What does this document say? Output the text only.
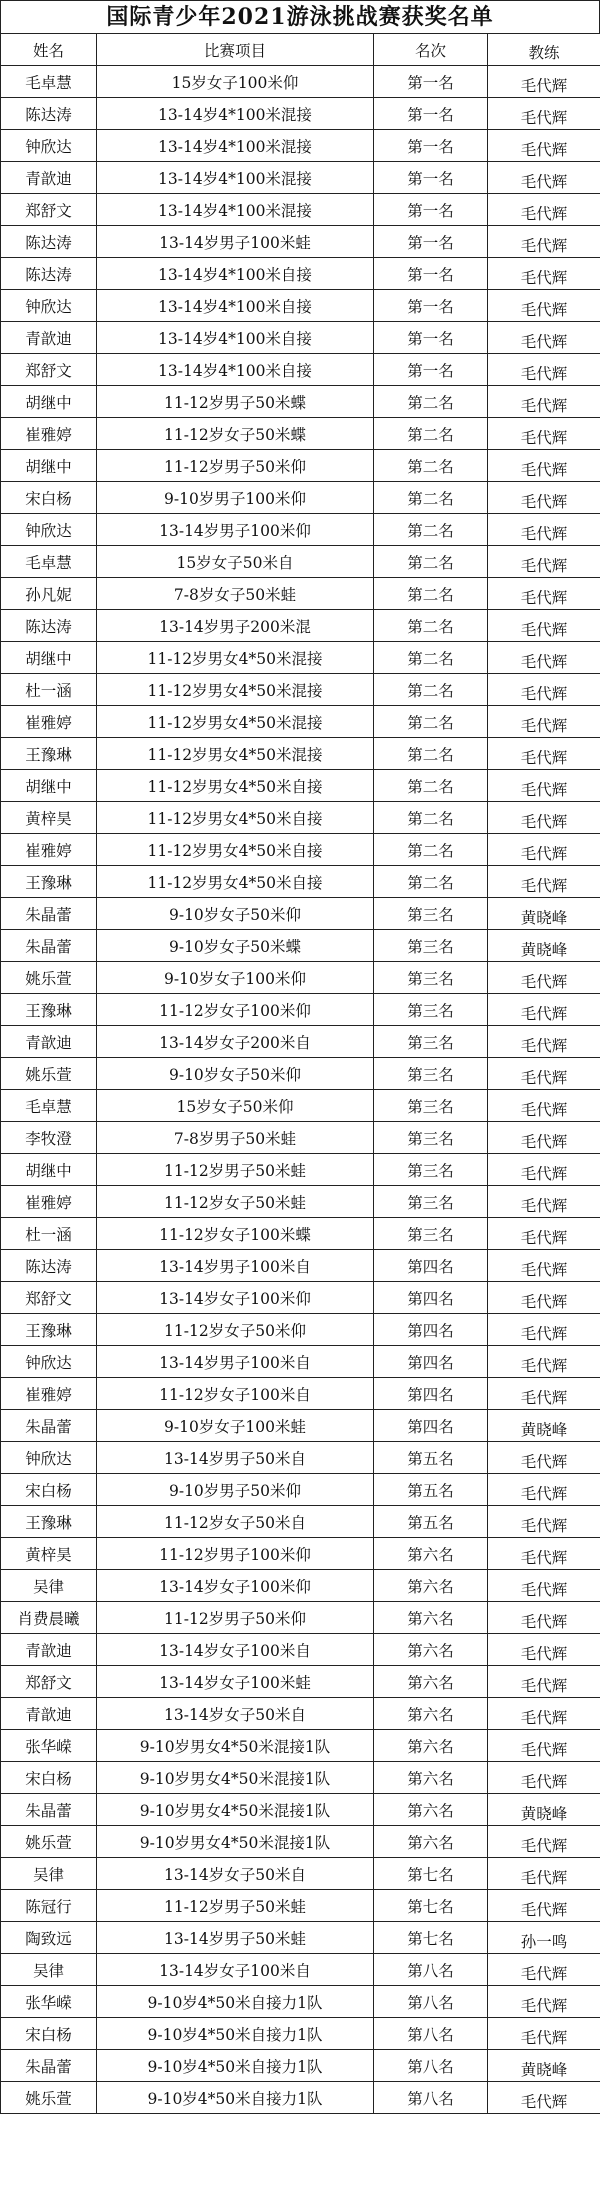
国际青少年2021游泳挑战赛获奖名单
姓名	比赛项目	名次	教练
毛卓慧	15岁女子100米仰	第一名	毛代辉
陈达涛	13-14岁4*100米混接	第一名	毛代辉
钟欣达	13-14岁4*100米混接	第一名	毛代辉
青歆迪	13-14岁4*100米混接	第一名	毛代辉
郑舒文	13-14岁4*100米混接	第一名	毛代辉
陈达涛	13-14岁男子100米蛙	第一名	毛代辉
陈达涛	13-14岁4*100米自接	第一名	毛代辉
钟欣达	13-14岁4*100米自接	第一名	毛代辉
青歆迪	13-14岁4*100米自接	第一名	毛代辉
郑舒文	13-14岁4*100米自接	第一名	毛代辉
胡继中	11-12岁男子50米蝶	第二名	毛代辉
崔雅婷	11-12岁女子50米蝶	第二名	毛代辉
胡继中	11-12岁男子50米仰	第二名	毛代辉
宋白杨	9-10岁男子100米仰	第二名	毛代辉
钟欣达	13-14岁男子100米仰	第二名	毛代辉
毛卓慧	15岁女子50米自	第二名	毛代辉
孙凡妮	7-8岁女子50米蛙	第二名	毛代辉
陈达涛	13-14岁男子200米混	第二名	毛代辉
胡继中	11-12岁男女4*50米混接	第二名	毛代辉
杜一涵	11-12岁男女4*50米混接	第二名	毛代辉
崔雅婷	11-12岁男女4*50米混接	第二名	毛代辉
王豫琳	11-12岁男女4*50米混接	第二名	毛代辉
胡继中	11-12岁男女4*50米自接	第二名	毛代辉
黄梓昊	11-12岁男女4*50米自接	第二名	毛代辉
崔雅婷	11-12岁男女4*50米自接	第二名	毛代辉
王豫琳	11-12岁男女4*50米自接	第二名	毛代辉
朱晶蕾	9-10岁女子50米仰	第三名	黄晓峰
朱晶蕾	9-10岁女子50米蝶	第三名	黄晓峰
姚乐萱	9-10岁女子100米仰	第三名	毛代辉
王豫琳	11-12岁女子100米仰	第三名	毛代辉
青歆迪	13-14岁女子200米自	第三名	毛代辉
姚乐萱	9-10岁女子50米仰	第三名	毛代辉
毛卓慧	15岁女子50米仰	第三名	毛代辉
李牧澄	7-8岁男子50米蛙	第三名	毛代辉
胡继中	11-12岁男子50米蛙	第三名	毛代辉
崔雅婷	11-12岁女子50米蛙	第三名	毛代辉
杜一涵	11-12岁女子100米蝶	第三名	毛代辉
陈达涛	13-14岁男子100米自	第四名	毛代辉
郑舒文	13-14岁女子100米仰	第四名	毛代辉
王豫琳	11-12岁女子50米仰	第四名	毛代辉
钟欣达	13-14岁男子100米自	第四名	毛代辉
崔雅婷	11-12岁女子100米自	第四名	毛代辉
朱晶蕾	9-10岁女子100米蛙	第四名	黄晓峰
钟欣达	13-14岁男子50米自	第五名	毛代辉
宋白杨	9-10岁男子50米仰	第五名	毛代辉
王豫琳	11-12岁女子50米自	第五名	毛代辉
黄梓昊	11-12岁男子100米仰	第六名	毛代辉
吴律	13-14岁女子100米仰	第六名	毛代辉
肖费晨曦	11-12岁男子50米仰	第六名	毛代辉
青歆迪	13-14岁女子100米自	第六名	毛代辉
郑舒文	13-14岁女子100米蛙	第六名	毛代辉
青歆迪	13-14岁女子50米自	第六名	毛代辉
张华嵘	9-10岁男女4*50米混接1队	第六名	毛代辉
宋白杨	9-10岁男女4*50米混接1队	第六名	毛代辉
朱晶蕾	9-10岁男女4*50米混接1队	第六名	黄晓峰
姚乐萱	9-10岁男女4*50米混接1队	第六名	毛代辉
吴律	13-14岁女子50米自	第七名	毛代辉
陈冠行	11-12岁男子50米蛙	第七名	毛代辉
陶致远	13-14岁男子50米蛙	第七名	孙一鸣
吴律	13-14岁女子100米自	第八名	毛代辉
张华嵘	9-10岁4*50米自接力1队	第八名	毛代辉
宋白杨	9-10岁4*50米自接力1队	第八名	毛代辉
朱晶蕾	9-10岁4*50米自接力1队	第八名	黄晓峰
姚乐萱	9-10岁4*50米自接力1队	第八名	毛代辉
